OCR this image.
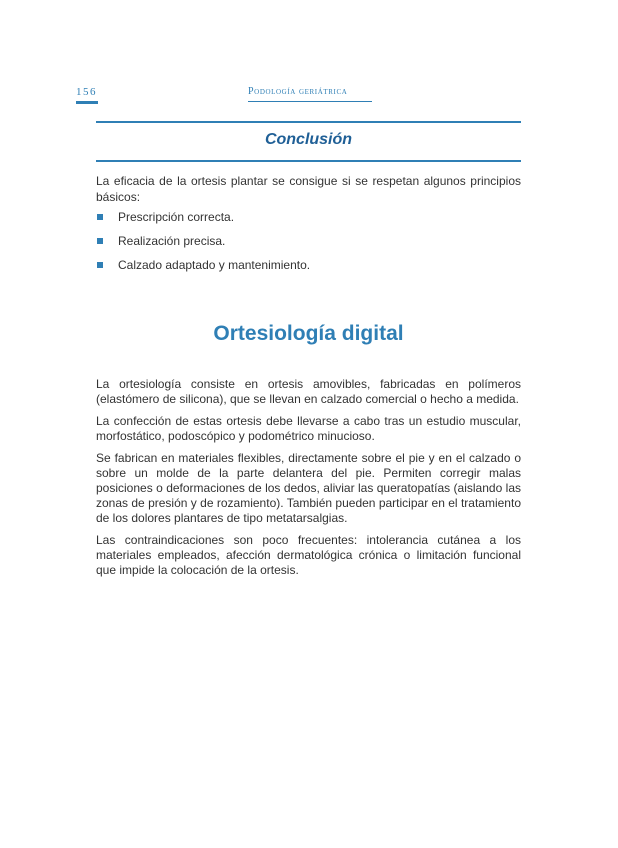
156	Podología geriátrica
Conclusión

La eficacia de la ortesis plantar se consigue si se respetan algunos principios básicos:

Prescripción correcta.
Realización precisa.
Calzado adaptado y mantenimiento.
Ortesiología digital

La ortesiología consiste en ortesis amovibles, fabricadas en polímeros (elastómero de silicona), que se llevan en calzado comercial o hecho a medida.

La confección de estas ortesis debe llevarse a cabo tras un estudio muscular, morfostático, podoscópico y podométrico minucioso.

Se fabrican en materiales flexibles, directamente sobre el pie y en el calzado o sobre un molde de la parte delantera del pie. Permiten corregir malas posiciones o deformaciones de los dedos, aliviar las queratopatías (aislando las zonas de presión y de rozamiento). También pueden participar en el tratamiento de los dolores plantares de tipo metatarsalgias.

Las contraindicaciones son poco frecuentes: intolerancia cutánea a los materiales empleados, afección dermatológica crónica o limitación funcional que impide la colocación de la ortesis.
